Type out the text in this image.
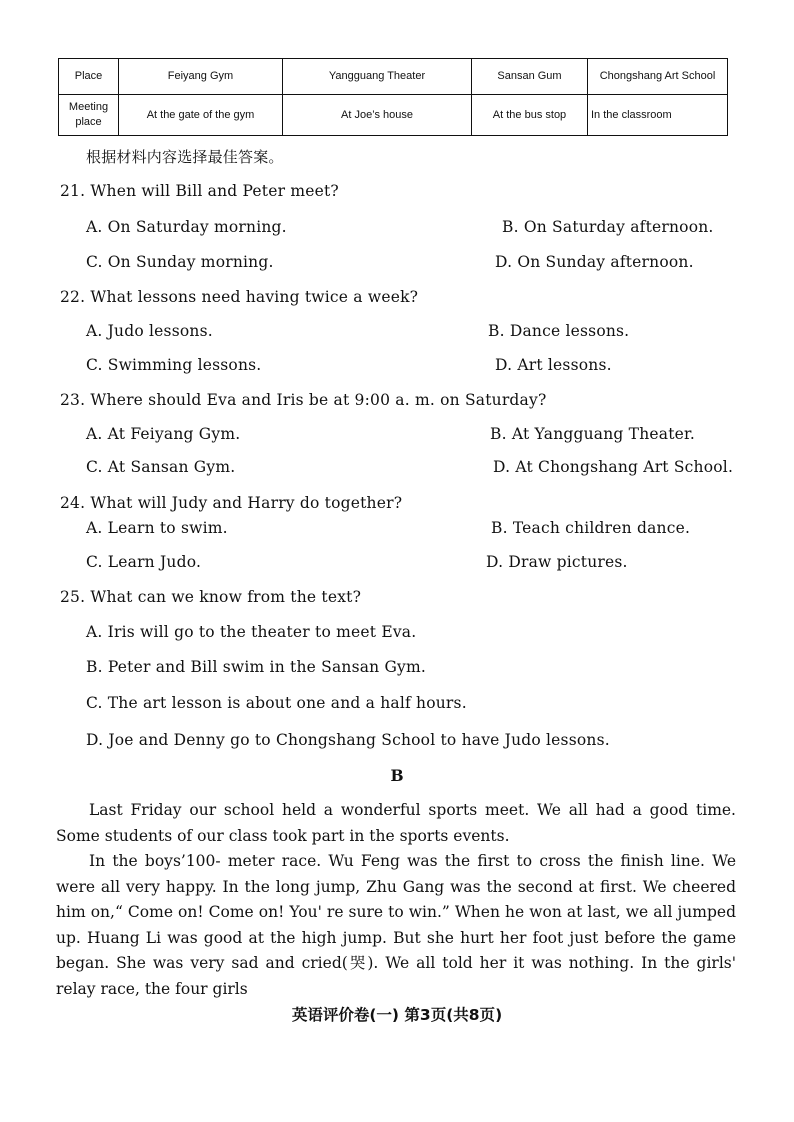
Place	Feiyang Gym	Yangguang Theater	Sansan Gum	Chongshang Art School
Meeting place	At the gate of the gym	At Joe’s house	At the bus stop	In the classroom
根据材料内容选择最佳答案。
21. When will Bill and Peter meet?
A. On Saturday morning.	B. On Saturday afternoon.
C. On Sunday morning.	D. On Sunday afternoon.
22. What lessons need having twice a week?
A. Judo lessons.	B. Dance lessons.
C. Swimming lessons.	D. Art lessons.
23. Where should Eva and Iris be at 9:00 a. m. on Saturday?
A. At Feiyang Gym.	B. At Yangguang Theater.
C. At Sansan Gym.	D. At Chongshang Art School.
24. What will Judy and Harry do together?
A. Learn to swim.	B. Teach children dance.
C. Learn Judo.	D. Draw pictures.
25. What can we know from the text?
A. Iris will go to the theater to meet Eva.
B. Peter and Bill swim in the Sansan Gym.
C. The art lesson is about one and a half hours.
D. Joe and Denny go to Chongshang School to have Judo lessons.
B

Last Friday our school held a wonderful sports meet. We all had a good time. Some students of our class took part in the sports events.

In the boys’100- meter race. Wu Feng was the first to cross the finish line. We were all very happy. In the long jump, Zhu Gang was the second at first. We cheered him on,“ Come on! Come on! You' re sure to win.” When he won at last, we all jumped up. Huang Li was good at the high jump. But she hurt her foot just before the game began. She was very sad and cried(哭). We all told her it was nothing. In the girls' relay race, the four girls

英语评价卷(一) 第3页(共8页)
